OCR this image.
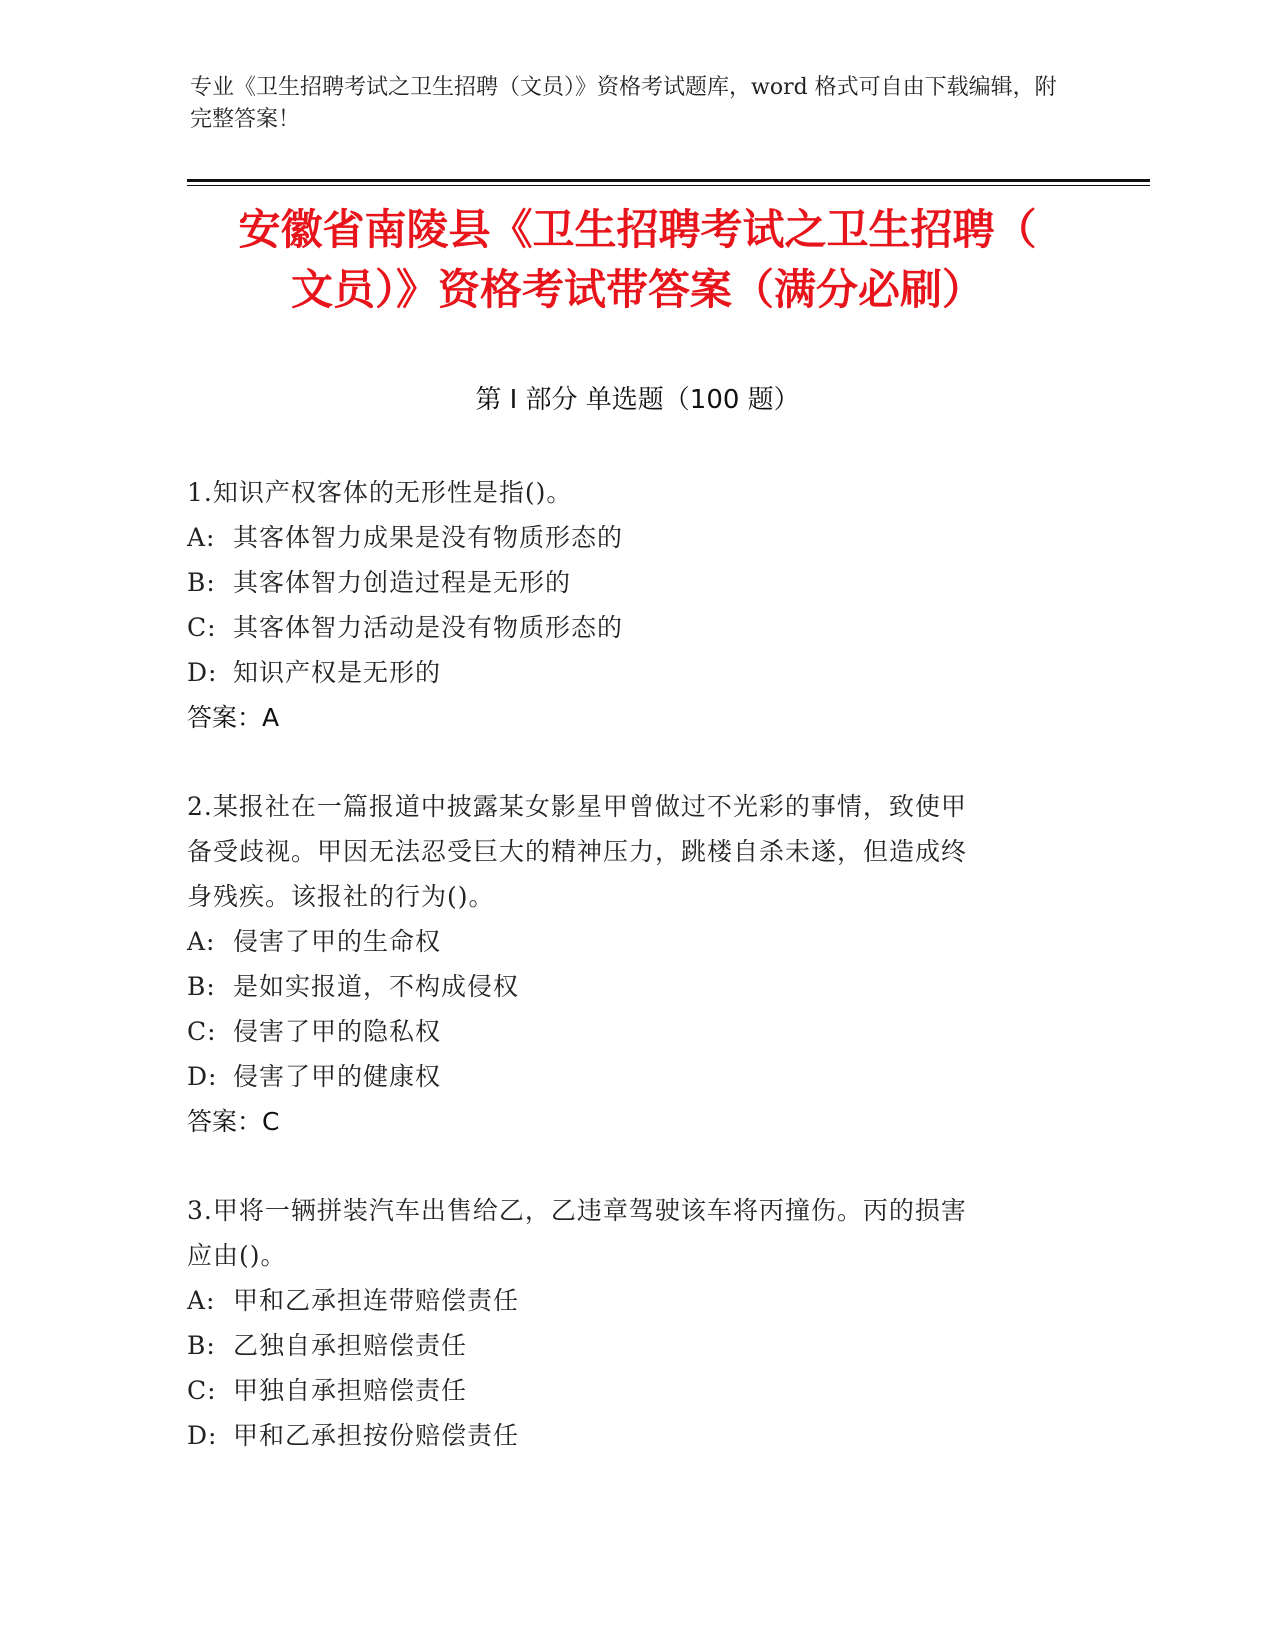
专业《卫生招聘考试之卫生招聘（文员）》资格考试题库，word 格式可自由下载编辑，附完整答案！
安徽省南陵县《卫生招聘考试之卫生招聘（
文员）》资格考试带答案（满分必刷）
第 I 部分 单选题（100 题）
1.知识产权客体的无形性是指()。
A: 其客体智力成果是没有物质形态的
B: 其客体智力创造过程是无形的
C: 其客体智力活动是没有物质形态的
D: 知识产权是无形的
答案：A
2.某报社在一篇报道中披露某女影星甲曾做过不光彩的事情，致使甲
备受歧视。甲因无法忍受巨大的精神压力，跳楼自杀未遂，但造成终
身残疾。该报社的行为()。
A: 侵害了甲的生命权
B: 是如实报道，不构成侵权
C: 侵害了甲的隐私权
D: 侵害了甲的健康权
答案：C
3.甲将一辆拼装汽车出售给乙，乙违章驾驶该车将丙撞伤。丙的损害
应由()。
A: 甲和乙承担连带赔偿责任
B: 乙独自承担赔偿责任
C: 甲独自承担赔偿责任
D: 甲和乙承担按份赔偿责任
